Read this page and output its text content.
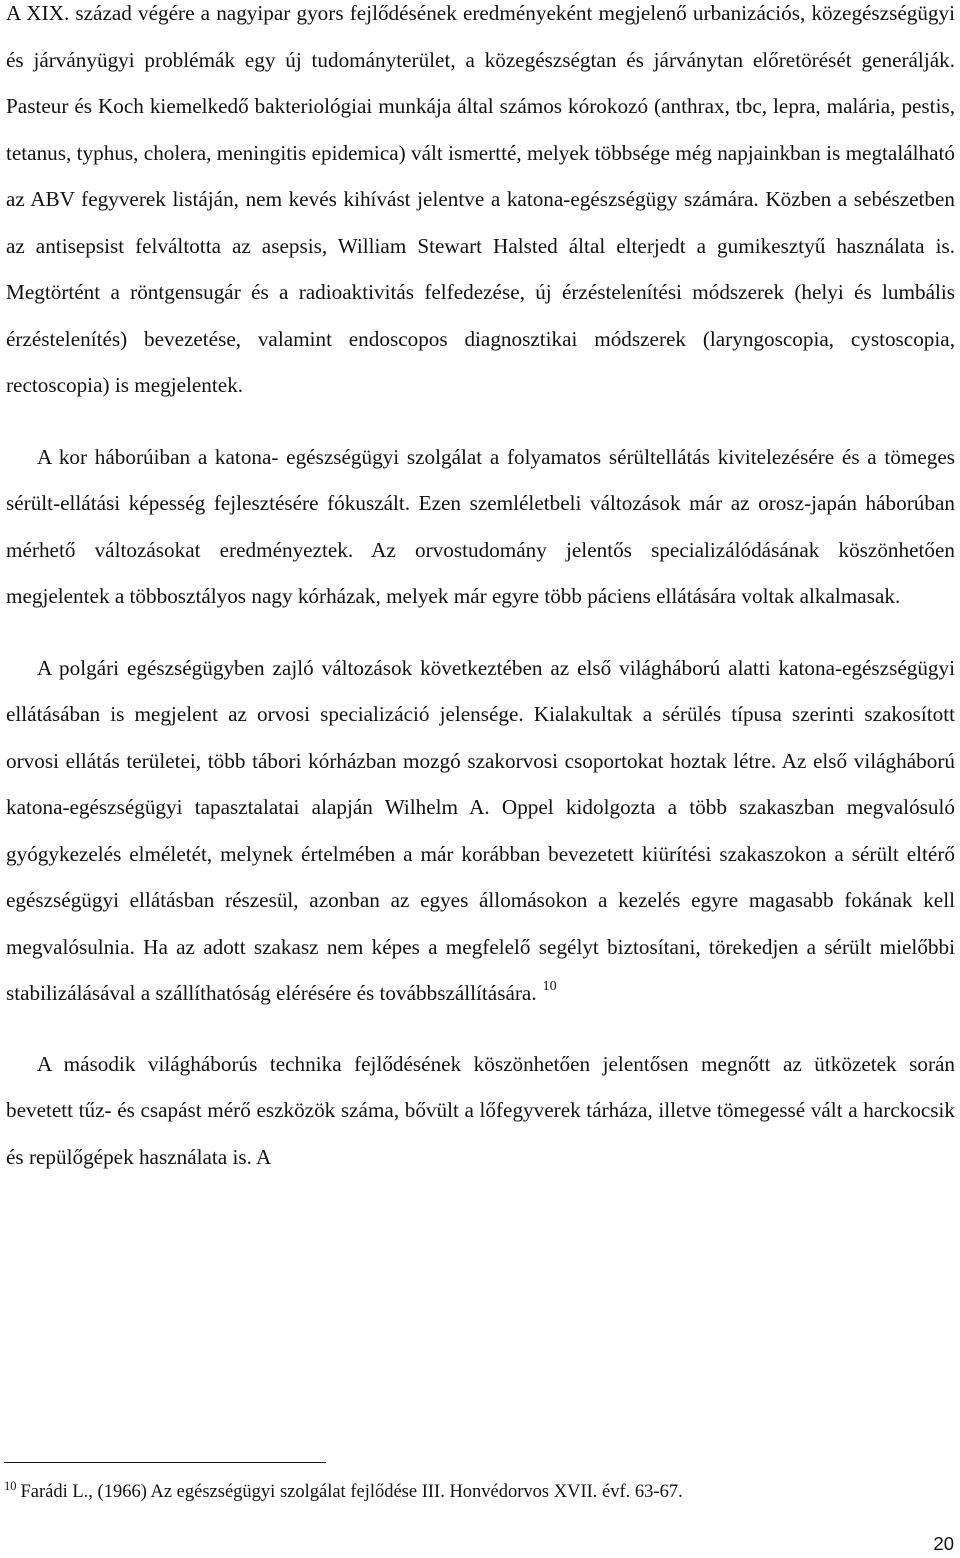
A XIX. század végére a nagyipar gyors fejlődésének eredményeként megjelenő urbanizációs, közegészségügyi és járványügyi problémák egy új tudományterület, a közegészségtan és járványtan előretörését generálják. Pasteur és Koch kiemelkedő bakteriológiai munkája által számos kórokozó (anthrax, tbc, lepra, malária, pestis, tetanus, typhus, cholera, meningitis epidemica) vált ismertté, melyek többsége még napjainkban is megtalálható az ABV fegyverek listáján, nem kevés kihívást jelentve a katona-egészségügy számára. Közben a sebészetben az antisepsist felváltotta az asepsis, William Stewart Halsted által elterjedt a gumikesztyű használata is. Megtörtént a röntgensugár és a radioaktivitás felfedezése, új érzéstelenítési módszerek (helyi és lumbális érzéstelenítés) bevezetése, valamint endoscopos diagnosztikai módszerek (laryngoscopia, cystoscopia, rectoscopia) is megjelentek.

A kor háborúiban a katona- egészségügyi szolgálat a folyamatos sérültellátás kivitelezésére és a tömeges sérült-ellátási képesség fejlesztésére fókuszált. Ezen szemléletbeli változások már az orosz-japán háborúban mérhető változásokat eredményeztek. Az orvostudomány jelentős specializálódásának köszönhetően megjelentek a többosztályos nagy kórházak, melyek már egyre több páciens ellátására voltak alkalmasak.

A polgári egészségügyben zajló változások következtében az első világháború alatti katona-egészségügyi ellátásában is megjelent az orvosi specializáció jelensége. Kialakultak a sérülés típusa szerinti szakosított orvosi ellátás területei, több tábori kórházban mozgó szakorvosi csoportokat hoztak létre. Az első világháború katona-egészségügyi tapasztalatai alapján Wilhelm A. Oppel kidolgozta a több szakaszban megvalósuló gyógykezelés elméletét, melynek értelmében a már korábban bevezetett kiürítési szakaszokon a sérült eltérő egészségügyi ellátásban részesül, azonban az egyes állomásokon a kezelés egyre magasabb fokának kell megvalósulnia. Ha az adott szakasz nem képes a megfelelő segélyt biztosítani, törekedjen a sérült mielőbbi stabilizálásával a szállíthatóság elérésére és továbbszállítására. $^{10}$

A második világháborús technika fejlődésének köszönhetően jelentősen megnőtt az ütközetek során bevetett tűz- és csapást mérő eszközök száma, bővült a lőfegyverek tárháza, illetve tömegessé vált a harckocsik és repülőgépek használata is. A

$^{10}$ Farádi L., (1966) Az egészségügyi szolgálat fejlődése III. Honvédorvos XVII. évf. 63-67.
20
